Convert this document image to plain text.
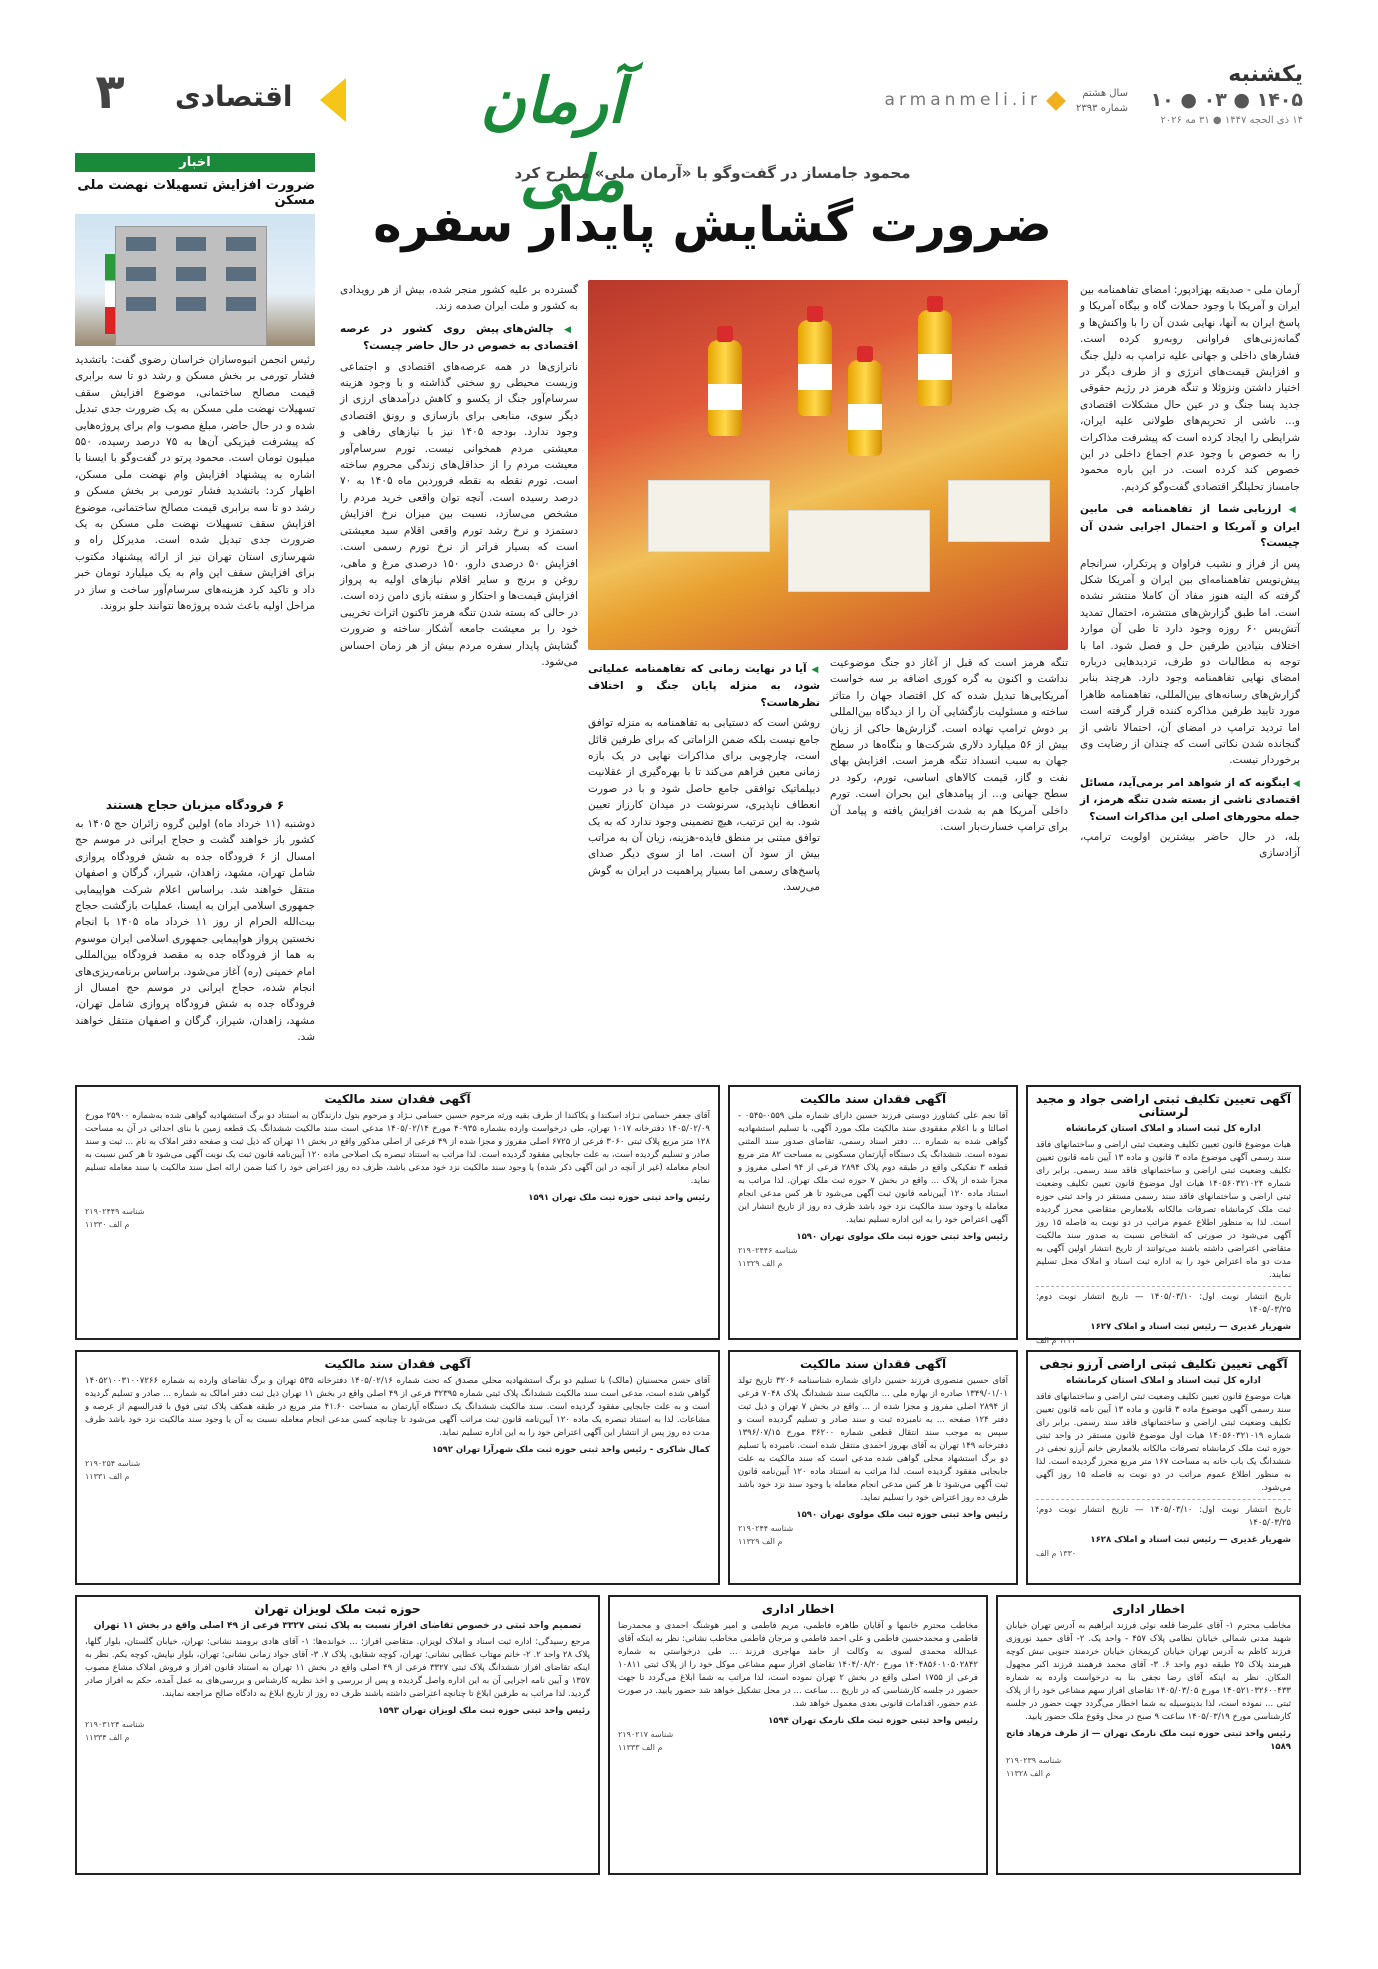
یکشنبه
۱۴۰۵ ● ۰۳ ● ۱۰
۱۴ ذی الحجه ۱۴۴۷ ● ۳۱ مه ۲۰۲۶
سال هشتم
شماره ۲۳۹۳
armanmeli.ir
آرمان ملی
اقتصادی
۳
محمود جامساز در گفت‌وگو با «آرمان ملی» مطرح کرد
ضرورت گشایش پایدار سفره

آرمان ملی - صدیقه بهزادپور: امضای تفاهمنامه بین ایران و آمریکا با وجود حملات گاه و بیگاه آمریکا و پاسخ ایران به آنها، نهایی شدن آن را با واکنش‌ها و گمانه‌زنی‌های فراوانی روبه‌رو کرده است. فشارهای داخلی و جهانی علیه ترامپ به دلیل جنگ و افزایش قیمت‌های انرژی و از طرف دیگر در اختیار داشتن ونزوئلا و تنگه هرمز در رژیم حقوقی جدید پسا جنگ و در عین حال مشکلات اقتصادی و... ناشی از تحریم‌های طولانی علیه ایران، شرایطی را ایجاد کرده است که پیشرفت مذاکرات را به خصوص با وجود عدم اجماع داخلی در این خصوص کند کرده است. در این باره محمود جامساز تحلیلگر اقتصادی گفت‌وگو کردیم.

◀ ارزیابی شما از تفاهمنامه فی مابین ایران و آمریکا و احتمال اجرایی شدن آن چیست؟

پس از فراز و نشیب فراوان و پرتکرار، سرانجام پیش‌نویس تفاهمنامه‌ای بین ایران و آمریکا شکل گرفته که البته هنوز مفاد آن کاملا منتشر نشده است. اما طبق گزارش‌های منتشره، احتمال تمدید آتش‌بس ۶۰ روزه وجود دارد تا طی آن موارد اختلاف بنیادین طرفین حل و فصل شود. اما با توجه به مطالبات دو طرف، تردیدهایی درباره امضای نهایی تفاهمنامه وجود دارد. هرچند بنابر گزارش‌های رسانه‌های بین‌المللی، تفاهمنامه ظاهرا مورد تایید طرفین مذاکره کننده قرار گرفته است اما تردید ترامپ در امضای آن، احتمالا ناشی از گنجانده شدن نکاتی است که چندان از رضایت وی برخوردار نیست.

◀ اینگونه که از شواهد امر برمی‌آید، مسائل اقتصادی ناشی از بسته شدن تنگه هرمز، از جمله محورهای اصلی این مذاکرات است؟

بله، در حال حاضر بیشترین اولویت ترامپ، آزادسازی

تنگه هرمز است که قبل از آغاز دو جنگ موضوعیت نداشت و اکنون به گره کوری اضافه بر سه خواست آمریکایی‌ها تبدیل شده که کل اقتصاد جهان را متاثر ساخته و مسئولیت بازگشایی آن را از دیدگاه بین‌المللی بر دوش ترامپ نهاده است. گزارش‌ها حاکی از زیان بیش از ۵۶ میلیارد دلاری شرکت‌ها و بنگاه‌ها در سطح جهان به سبب انسداد تنگه هرمز است. افزایش بهای نفت و گاز، قیمت کالاهای اساسی، تورم، رکود در سطح جهانی و... از پیامدهای این بحران است. تورم داخلی آمریکا هم به شدت افزایش یافته و پیامد آن برای ترامپ خسارت‌بار است.

◀ آیا در نهایت زمانی که تفاهمنامه عملیاتی شود، به منزله پایان جنگ و اختلاف نظرهاست؟

روشن است که دستیابی به تفاهمنامه به منزله توافق جامع نیست بلکه ضمن الزاماتی که برای طرفین قائل است، چارچوبی برای مذاکرات نهایی در یک بازه زمانی معین فراهم می‌کند تا با بهره‌گیری از عقلانیت دیپلماتیک توافقی جامع حاصل شود و با در صورت انعطاف ناپذیری، سرنوشت در میدان کارزار تعیین شود. به این ترتیب، هیچ تضمینی وجود ندارد که به یک توافق مبتنی بر منطق فایده-هزینه، زیان آن به مراتب بیش از سود آن است. اما از سوی دیگر صدای پاسخ‌های رسمی اما بسیار پراهمیت در ایران به گوش می‌رسد.

گسترده بر علیه کشور منجر شده، بیش از هر رویدادی به کشور و ملت ایران صدمه زند.

◀ چالش‌های پیش روی کشور در عرصه اقتصادی به خصوص در حال حاضر چیست؟

ناترازی‌ها در همه عرصه‌های اقتصادی و اجتماعی وزیست محیطی رو سختی گذاشته و با وجود هزینه سرسام‌آور جنگ از یکسو و کاهش درآمدهای ارزی از دیگر سوی، منابعی برای بازسازی و رونق اقتصادی وجود ندارد. بودجه ۱۴۰۵ نیز با نیازهای رفاهی و معیشتی مردم همخوانی نیست. تورم سرسام‌آور معیشت مردم را از حداقل‌های زندگی محروم ساخته است. تورم نقطه به نقطه فروردین ماه ۱۴۰۵ به ۷۰ درصد رسیده است. آنچه توان واقعی خرید مردم را مشخص می‌سازد، نسبت بین میزان نرخ افزایش دستمزد و نرخ رشد تورم واقعی اقلام سبد معیشتی است که بسیار فراتر از نرخ تورم رسمی است. افزایش ۵۰ درصدی دارو، ۱۵۰ درصدی مرغ و ماهی، روغن و برنج و سایر اقلام نیازهای اولیه به پرواز افزایش قیمت‌ها و احتکار و سفته بازی دامن زده است. در حالی که بسته شدن تنگه هرمز تاکنون اثرات تخریبی خود را بر معیشت جامعه آشکار ساخته و ضرورت گشایش پایدار سفره مردم بیش از هر زمان احساس می‌شود.

اخبار
ضرورت افزایش تسهیلات نهضت ملی مسکن
رئیس انجمن انبوه‌سازان خراسان رضوی گفت: باتشدید فشار تورمی بر بخش مسکن و رشد دو تا سه برابری قیمت مصالح ساختمانی، موضوع افزایش سقف تسهیلات نهضت ملی مسکن به یک ضرورت جدی تبدیل شده و در حال حاضر، مبلغ مصوب وام برای پروژه‌هایی که پیشرفت فیزیکی آن‌ها به ۷۵ درصد رسیده، ۵۵۰ میلیون تومان است. محمود پرتو در گفت‌وگو با ایسنا با اشاره به پیشنهاد افزایش وام نهضت ملی مسکن، اظهار کرد: باتشدید فشار تورمی بر بخش مسکن و رشد دو تا سه برابری قیمت مصالح ساختمانی، موضوع افزایش سقف تسهیلات نهضت ملی مسکن به یک ضرورت جدی تبدیل شده است. مدیرکل راه و شهرسازی استان تهران نیز از ارائه پیشنهاد مکتوب برای افزایش سقف این وام به یک میلیارد تومان خبر داد و تاکید کرد هزینه‌های سرسام‌آور ساخت و ساز در مراحل اولیه باعث شده پروژه‌ها نتوانند جلو بروند.
۶ فرودگاه میزبان حجاج هستند
دوشنبه (۱۱ خرداد ماه) اولین گروه زائران حج ۱۴۰۵ به کشور باز خواهند گشت و حجاج ایرانی در موسم حج امسال از ۶ فرودگاه جده به شش فرودگاه پروازی شامل تهران، مشهد، زاهدان، شیراز، گرگان و اصفهان منتقل خواهند شد. براساس اعلام شرکت هواپیمایی جمهوری اسلامی ایران به ایسنا، عملیات بازگشت حجاج بیت‌الله الحرام از روز ۱۱ خرداد ماه ۱۴۰۵ با انجام نخستین پرواز هواپیمایی جمهوری اسلامی ایران موسوم به هما از فرودگاه جده به مقصد فرودگاه بین‌المللی امام خمینی (ره) آغاز می‌شود. براساس برنامه‌ریزی‌های انجام شده، حجاج ایرانی در موسم حج امسال از فرودگاه جده به شش فرودگاه پروازی شامل تهران، مشهد، زاهدان، شیراز، گرگان و اصفهان منتقل خواهند شد.
آگهی فقدان سند مالکیت
آقای جعفر حسامی نـژاد اسکندا و یکاکندا از طرف بقیه ورثه مرحوم حسین حسامی نـژاد و مرحوم بتول دارندگان به استناد دو برگ استشهادیه گواهی شده به‌شماره ۲۵۹۰۰ مورخ ۱۴۰۵/۰۲/۰۹ دفترخانه ۱۰۱۷ تهران، طی درخواست وارده بشماره ۴۰۹۳۵ مورخ ۱۴۰۵/۰۲/۱۴ مدعی است سند مالکیت ششدانگ یک قطعه زمین با بنای احداثی در آن به مساحت ۱۲۸ متر مربع پلاک ثبتی ۳۰۶۰ فرعی از ۶۷۲۵ اصلی مفروز و مجزا شده از ۴۹ فرعی از اصلی مذکور واقع در بخش ۱۱ تهران که ذیل ثبت و صفحه دفتر املاک به نام ... ثبت و سند صادر و تسلیم گردیده است، به علت جابجایی مفقود گردیده است. لذا مراتب به استناد تبصره یک اصلاحی ماده ۱۲۰ آیین‌نامه قانون ثبت یک نوبت آگهی می‌شود تا هر کس نسبت به انجام معامله (غیر از آنچه در این آگهی ذکر شده) یا وجود سند مالکیت نزد خود مدعی باشد، ظرف ده روز اعتراض خود را کتبا ضمن ارائه اصل سند مالکیت یا سند معامله تسلیم نماید.
رئیس واحد ثبتی حوزه ثبت ملک تهران ۱۵۹۱
شناسه ۲۱۹۰۲۴۴۹
م الف ۱۱۳۳۰
آگهی فقدان سند مالکیت
آقا نجم علی کشاورز دوستی فرزند حسین دارای شماره ملی ۰۵۵۹-۰۵۴۵ - اصالتا و با اعلام مفقودی سند مالکیت ملک مورد آگهی، با تسلیم استشهادیه گواهی شده به شماره ... دفتر اسناد رسمی، تقاضای صدور سند المثنی نموده است. ششدانگ یک دستگاه آپارتمان مسکونی به مساحت ۸۲ متر مربع قطعه ۳ تفکیکی واقع در طبقه دوم پلاک ۲۸۹۴ فرعی از ۹۴ اصلی مفروز و مجزا شده از پلاک ... واقع در بخش ۷ حوزه ثبت ملک تهران. لذا مراتب به استناد ماده ۱۲۰ آیین‌نامه قانون ثبت آگهی می‌شود تا هر کس مدعی انجام معامله یا وجود سند مالکیت نزد خود باشد ظرف ده روز از تاریخ انتشار این آگهی اعتراض خود را به این اداره تسلیم نماید.
رئیس واحد ثبتی حوزه ثبت ملک مولوی تهران ۱۵۹۰
شناسه ۲۱۹۰۲۴۴۶
م الف ۱۱۳۲۹
آگهی تعیین تکلیف ثبتی اراضی جواد و مجید لرستانی
اداره کل ثبت اسناد و املاک استان کرمانشاه
هیات موضوع قانون تعیین تکلیف وضعیت ثبتی اراضی و ساختمانهای فاقد سند رسمی آگهی موضوع ماده ۳ قانون و ماده ۱۳ آیین نامه قانون تعیین تکلیف وضعیت ثبتی اراضی و ساختمانهای فاقد سند رسمی. برابر رای شماره ۱۴۰۵۶۰۳۲۱۰۲۴ هیات اول موضوع قانون تعیین تکلیف وضعیت ثبتی اراضی و ساختمانهای فاقد سند رسمی مستقر در واحد ثبتی حوزه ثبت ملک کرمانشاه تصرفات مالکانه بلامعارض متقاضی محرز گردیده است. لذا به منظور اطلاع عموم مراتب در دو نوبت به فاصله ۱۵ روز آگهی می‌شود در صورتی که اشخاص نسبت به صدور سند مالکیت متقاضی اعتراضی داشته باشند می‌توانند از تاریخ انتشار اولین آگهی به مدت دو ماه اعتراض خود را به اداره ثبت اسناد و املاک محل تسلیم نمایند.
تاریخ انتشار نوبت اول: ۱۴۰۵/۰۳/۱۰ — تاریخ انتشار نوبت دوم: ۱۴۰۵/۰۳/۲۵
شهریار غدیری — رئیس ثبت اسناد و املاک ۱۶۲۷
۱۳۲۲ م الف
آگهی فقدان سند مالکیت
آقای حسن محسنیان (مالک) با تسلیم دو برگ استشهادیه محلی مصدق که تحت شماره ۱۴۰۵/۰۲/۱۶ دفترخانه ۵۳۵ تهران و برگ تقاضای وارده به شماره ۱۴۰۵۲۱۰۰۳۱۰۰۷۲۶۶ گواهی شده است، مدعی است سند مالکیت ششدانگ پلاک ثبتی شماره ۳۲۳۹۵ فرعی از ۴۹ اصلی واقع در بخش ۱۱ تهران ذیل ثبت دفتر امالک به شماره ... صادر و تسلیم گردیده است و به علت جابجایی مفقود گردیده است. سند مالکیت ششدانگ یک دستگاه آپارتمان به مساحت ۴۱.۶۰ متر مربع در طبقه همکف پلاک ثبتی فوق با قدرالسهم از عرصه و مشاعات. لذا به استناد تبصره یک ماده ۱۲۰ آیین‌نامه قانون ثبت مراتب آگهی می‌شود تا چنانچه کسی مدعی انجام معامله نسبت به آن یا وجود سند مالکیت نزد خود باشد ظرف مدت ده روز پس از انتشار این آگهی اعتراض خود را به این اداره تسلیم نماید.
کمال شاکری - رئیس واحد ثبتی حوزه ثبت ملک شهرآرا تهران ۱۵۹۲
شناسه ۲۱۹۰۲۵۴
م الف ۱۱۳۳۱
آگهی فقدان سند مالکیت
آقای حسین منصوری فرزند حسین دارای شماره شناسنامه ۳۲۰۶ تاریخ تولد ۱۳۴۹/۰۱/۰۱ صادره از بهاره ملی ... مالکیت سند ششدانگ پلاک ۷۰۴۸ فرعی از ۲۸۹۴ اصلی مفروز و مجزا شده از ... واقع در بخش ۷ تهران و ذیل ثبت دفتر ۱۲۴ صفحه ... به نامبرده ثبت و سند صادر و تسلیم گردیده است و سپس به موجب سند انتقال قطعی شماره ۳۶۲۰۰ مورخ ۱۳۹۶/۰۷/۱۵ دفترخانه ۱۴۹ تهران به آقای بهروز احمدی منتقل شده است. نامبرده با تسلیم دو برگ استشهاد محلی گواهی شده مدعی است که سند مالکیت به علت جابجایی مفقود گردیده است. لذا مراتب به استناد ماده ۱۲۰ آیین‌نامه قانون ثبت آگهی می‌شود تا هر کس مدعی انجام معامله یا وجود سند نزد خود باشد ظرف ده روز اعتراض خود را تسلیم نماید.
رئیس واحد ثبتی حوزه ثبت ملک مولوی تهران ۱۵۹۰
شناسه ۲۱۹۰۲۴۴
م الف ۱۱۳۲۹
آگهی تعیین تکلیف ثبتی اراضی آرزو نجفی
اداره کل ثبت اسناد و املاک استان کرمانشاه
هیات موضوع قانون تعیین تکلیف وضعیت ثبتی اراضی و ساختمانهای فاقد سند رسمی آگهی موضوع ماده ۳ قانون و ماده ۱۳ آیین نامه قانون تعیین تکلیف وضعیت ثبتی اراضی و ساختمانهای فاقد سند رسمی. برابر رای شماره ۱۴۰۵۶۰۳۲۱۰۱۹ هیات اول موضوع قانون مستقر در واحد ثبتی حوزه ثبت ملک کرمانشاه تصرفات مالکانه بلامعارض خانم آرزو نجفی در ششدانگ یک باب خانه به مساحت ۱۶۷ متر مربع محرز گردیده است. لذا به منظور اطلاع عموم مراتب در دو نوبت به فاصله ۱۵ روز آگهی می‌شود.
تاریخ انتشار نوبت اول: ۱۴۰۵/۰۳/۱۰ — تاریخ انتشار نوبت دوم: ۱۴۰۵/۰۳/۲۵
شهریار غدیری — رئیس ثبت اسناد و املاک ۱۶۲۸
۱۳۳۰ م الف
حوزه ثبت ملک لویزان تهران
تصمیم واحد ثبتی در خصوص تقاضای افراز نسبت به پلاک ثبتی ۳۳۲۷ فرعی از ۴۹ اصلی واقع در بخش ۱۱ تهران
مرجع رسیدگی: اداره ثبت اسناد و املاک لویزان. متقاضی افراز: ... خوانده‌ها: ۱- آقای هادی برومند نشانی: تهران، خیابان گلستان، بلوار گلها، پلاک ۲۸ واحد ۲. ۲- خانم مهتاب عطایی نشانی: تهران، کوچه شقایق، پلاک ۷. ۳- آقای جواد زمانی نشانی: تهران، بلوار نیایش، کوچه یکم. نظر به اینکه تقاضای افراز ششدانگ پلاک ثبتی ۳۳۲۷ فرعی از ۴۹ اصلی واقع در بخش ۱۱ تهران به استناد قانون افراز و فروش املاک مشاع مصوب ۱۳۵۷ و آیین نامه اجرایی آن به این اداره واصل گردیده و پس از بررسی و اخذ نظریه کارشناس و بررسی‌های به عمل آمده، حکم به افراز صادر گردید. لذا مراتب به طرفین ابلاغ تا چنانچه اعتراضی داشته باشند ظرف ده روز از تاریخ ابلاغ به دادگاه صالح مراجعه نمایند.
رئیس واحد ثبتی حوزه ثبت ملک لویزان تهران ۱۵۹۳
شناسه ۲۱۹۰۳۱۲۴
م الف ۱۱۳۳۴
اخطار اداری
مخاطب محترم خانمها و آقایان طاهره فاطمی، مریم فاطمی و امیر هوشنگ احمدی و محمدرضا فاطمی و محمدحسین فاطمی و علی احمد فاطمی و مرجان فاطمی مخاطب نشانی: نظر به اینکه آقای عبدالله محمدی لسوی به وکالت از حامد مهاجری فرزند ... طی درخواستی به شماره ۱۴۰۴۸۵۶۰۱۰۵۰۲۸۴۲ مورخ ۱۴۰۴/۰۸/۲۰ تقاضای افراز سهم مشاعی موکل خود را از پلاک ثبتی ۱۰۸۱۱ فرعی از ۱۷۵۵ اصلی واقع در بخش ۲ تهران نموده است، لذا مراتب به شما ابلاغ می‌گردد تا جهت حضور در جلسه کارشناسی که در تاریخ ... ساعت ... در محل تشکیل خواهد شد حضور یابید. در صورت عدم حضور، اقدامات قانونی بعدی معمول خواهد شد.
رئیس واحد ثبتی حوزه ثبت ملک نارمک تهران ۱۵۹۴
شناسه ۲۱۹۰۲۱۷
م الف ۱۱۳۳۳
اخطار اداری
مخاطب محترم ۱- آقای علیرضا قلعه نوئی فرزند ابراهیم به آدرس تهران خیابان شهید مدنی شمالی خیابان نظامی پلاک ۴۵۷ - واحد یک. ۲- آقای حمید نوروزی فرزند کاظم به آدرس تهران خیابان کریمخان خیابان خردمند جنوبی نبش کوچه هیرمند پلاک ۲۵ طبقه دوم واحد ۶. ۳- آقای محمد فرهمند فرزند اکبر مجهول المکان. نظر به اینکه آقای رضا نجفی بنا به درخواست وارده به شماره ۱۴۰۵۲۱۰۳۲۶۰۰۴۳۳ مورخ ۱۴۰۵/۰۳/۰۵ تقاضای افراز سهم مشاعی خود را از پلاک ثبتی ... نموده است، لذا بدینوسیله به شما اخطار می‌گردد جهت حضور در جلسه کارشناسی مورخ ۱۴۰۵/۰۳/۱۹ ساعت ۹ صبح در محل وقوع ملک حضور یابید.
رئیس واحد ثبتی حوزه ثبت ملک نارمک تهران — از طرف فرهاد فاتح ۱۵۸۹
شناسه ۲۱۹۰۲۳۹
م الف ۱۱۳۲۸
